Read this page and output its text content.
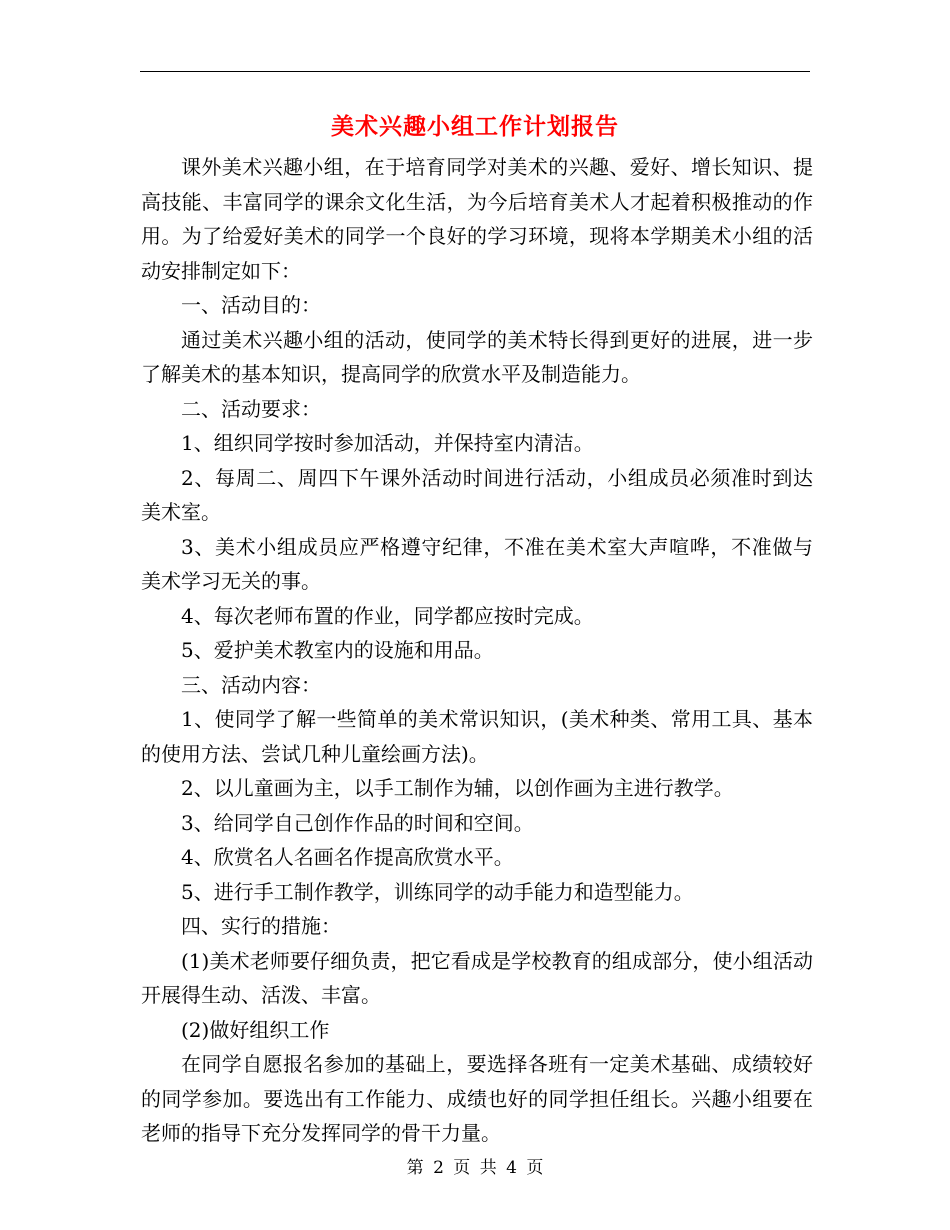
美术兴趣小组工作计划报告

课外美术兴趣小组，在于培育同学对美术的兴趣、爱好、增长知识、提高技能、丰富同学的课余文化生活，为今后培育美术人才起着积极推动的作用。为了给爱好美术的同学一个良好的学习环境，现将本学期美术小组的活动安排制定如下：

一、活动目的：

通过美术兴趣小组的活动，使同学的美术特长得到更好的进展，进一步了解美术的基本知识，提高同学的欣赏水平及制造能力。

二、活动要求：

1、组织同学按时参加活动，并保持室内清洁。

2、每周二、周四下午课外活动时间进行活动，小组成员必须准时到达美术室。

3、美术小组成员应严格遵守纪律，不准在美术室大声喧哗，不准做与美术学习无关的事。

4、每次老师布置的作业，同学都应按时完成。

5、爱护美术教室内的设施和用品。

三、活动内容：

1、使同学了解一些简单的美术常识知识，(美术种类、常用工具、基本的使用方法、尝试几种儿童绘画方法)。

2、以儿童画为主，以手工制作为辅，以创作画为主进行教学。

3、给同学自己创作作品的时间和空间。

4、欣赏名人名画名作提高欣赏水平。

5、进行手工制作教学，训练同学的动手能力和造型能力。

四、实行的措施：

(1)美术老师要仔细负责，把它看成是学校教育的组成部分，使小组活动开展得生动、活泼、丰富。

(2)做好组织工作

在同学自愿报名参加的基础上，要选择各班有一定美术基础、成绩较好的同学参加。要选出有工作能力、成绩也好的同学担任组长。兴趣小组要在老师的指导下充分发挥同学的骨干力量。

第 2 页 共 4 页
